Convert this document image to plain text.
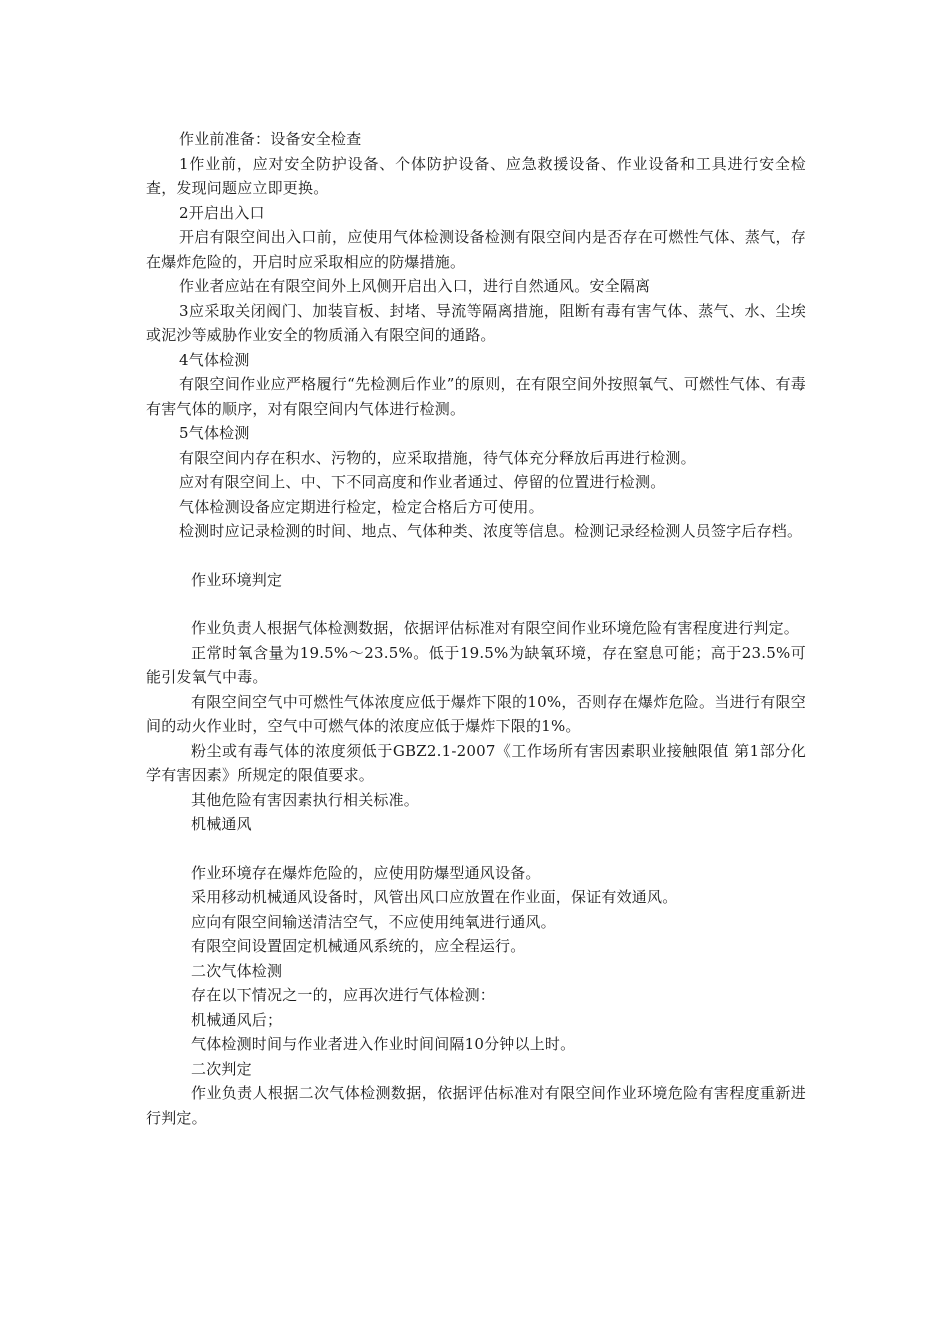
作业前准备：设备安全检查

1作业前，应对安全防护设备、个体防护设备、应急救援设备、作业设备和工具进行安全检查，发现问题应立即更换。

2开启出入口

开启有限空间出入口前，应使用气体检测设备检测有限空间内是否存在可燃性气体、蒸气，存在爆炸危险的，开启时应采取相应的防爆措施。

作业者应站在有限空间外上风侧开启出入口，进行自然通风。安全隔离

3应采取关闭阀门、加装盲板、封堵、导流等隔离措施，阻断有毒有害气体、蒸气、水、尘埃或泥沙等威胁作业安全的物质涌入有限空间的通路。

4气体检测

有限空间作业应严格履行“先检测后作业”的原则，在有限空间外按照氧气、可燃性气体、有毒有害气体的顺序，对有限空间内气体进行检测。

5气体检测

有限空间内存在积水、污物的，应采取措施，待气体充分释放后再进行检测。

应对有限空间上、中、下不同高度和作业者通过、停留的位置进行检测。

气体检测设备应定期进行检定，检定合格后方可使用。

检测时应记录检测的时间、地点、气体种类、浓度等信息。检测记录经检测人员签字后存档。

作业环境判定

作业负责人根据气体检测数据，依据评估标准对有限空间作业环境危险有害程度进行判定。

正常时氧含量为19.5%～23.5%。低于19.5%为缺氧环境，存在窒息可能；高于23.5%可能引发氧气中毒。

有限空间空气中可燃性气体浓度应低于爆炸下限的10%，否则存在爆炸危险。当进行有限空间的动火作业时，空气中可燃气体的浓度应低于爆炸下限的1%。

粉尘或有毒气体的浓度须低于GBZ2.1-2007《工作场所有害因素职业接触限值 第1部分化学有害因素》所规定的限值要求。

其他危险有害因素执行相关标准。

机械通风

作业环境存在爆炸危险的，应使用防爆型通风设备。

采用移动机械通风设备时，风管出风口应放置在作业面，保证有效通风。

应向有限空间输送清洁空气，不应使用纯氧进行通风。

有限空间设置固定机械通风系统的，应全程运行。

二次气体检测

存在以下情况之一的，应再次进行气体检测：

机械通风后；

气体检测时间与作业者进入作业时间间隔10分钟以上时。

二次判定

作业负责人根据二次气体检测数据，依据评估标准对有限空间作业环境危险有害程度重新进行判定。
